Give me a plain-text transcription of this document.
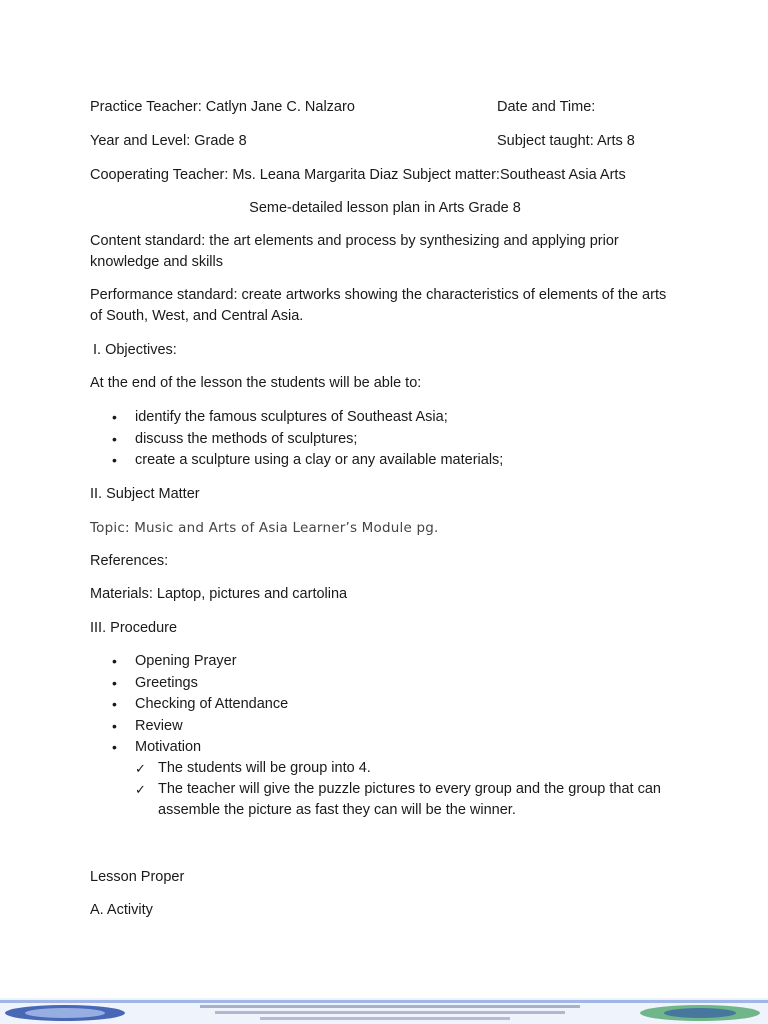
Practice Teacher: Catlyn Jane C. Nalzaro	Date and Time:
Year and Level: Grade 8	Subject taught: Arts 8
Cooperating Teacher: Ms. Leana Margarita Diaz Subject matter:Southeast Asia Arts
Seme-detailed lesson plan in Arts Grade 8
Content standard: the art elements and process by synthesizing and applying prior knowledge and skills
Performance standard: create artworks showing the characteristics of elements of the arts of South, West, and Central Asia.
I. Objectives:
At the end of the lesson the students will be able to:
• identify the famous sculptures of Southeast Asia;
• discuss the methods of sculptures;
• create a sculpture using a clay or any available materials;
II. Subject Matter
Topic: Music and Arts of Asia Learner’s Module pg.
References:
Materials: Laptop, pictures and cartolina
III. Procedure
• Opening Prayer
• Greetings
• Checking of Attendance
• Review
• Motivation
✓ The students will be group into 4.
✓ The teacher will give the puzzle pictures to every group and the group that can assemble the picture as fast they can will be the winner.
Lesson Proper
A. Activity
